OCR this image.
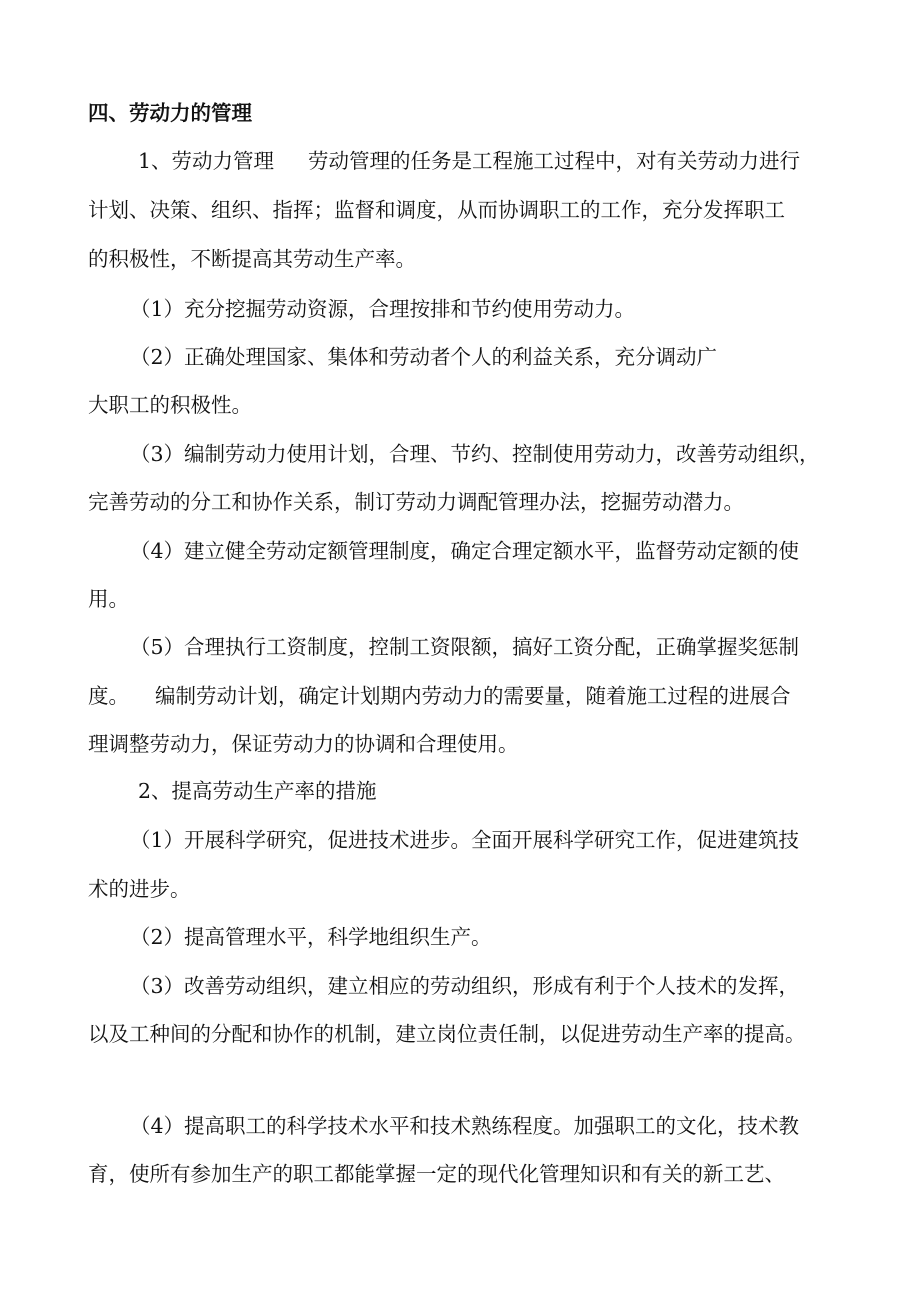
四、劳动力的管理
1、劳动力管理 劳动管理的任务是工程施工过程中，对有关劳动力进行
计划、决策、组织、指挥；监督和调度，从而协调职工的工作，充分发挥职工
的积极性，不断提高其劳动生产率。
（1）充分挖掘劳动资源，合理按排和节约使用劳动力。
（2）正确处理国家、集体和劳动者个人的利益关系，充分调动广
大职工的积极性。
（3）编制劳动力使用计划，合理、节约、控制使用劳动力，改善劳动组织，
完善劳动的分工和协作关系，制订劳动力调配管理办法，挖掘劳动潜力。
（4）建立健全劳动定额管理制度，确定合理定额水平，监督劳动定额的使
用。
（5）合理执行工资制度，控制工资限额，搞好工资分配，正确掌握奖惩制
度。 编制劳动计划，确定计划期内劳动力的需要量，随着施工过程的进展合
理调整劳动力，保证劳动力的协调和合理使用。
2、提高劳动生产率的措施
（1）开展科学研究，促进技术进步。全面开展科学研究工作，促进建筑技
术的进步。
（2）提高管理水平，科学地组织生产。
（3）改善劳动组织，建立相应的劳动组织，形成有利于个人技术的发挥，
以及工种间的分配和协作的机制，建立岗位责任制，以促进劳动生产率的提高。
（4）提高职工的科学技术水平和技术熟练程度。加强职工的文化，技术教
育，使所有参加生产的职工都能掌握一定的现代化管理知识和有关的新工艺、
